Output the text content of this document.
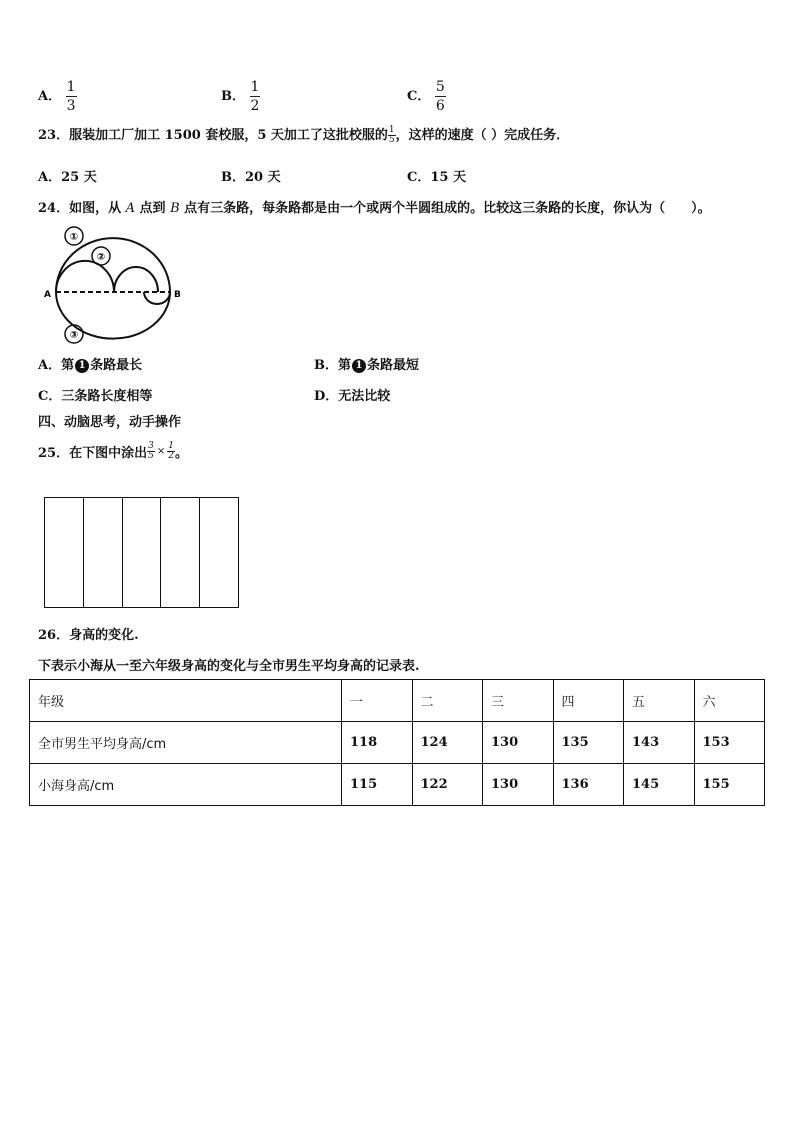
A． $\frac{1}{3}$	B． $\frac{1}{2}$	C． $\frac{5}{6}$
23．服装加工厂加工 1500 套校服，5 天加工了这批校服的 $\frac{1}{5}$ ，这样的速度（ ）完成任务．
A．25 天	B．20 天	C．15 天
24．如图，从 A 点到 B 点有三条路，每条路都是由一个或两个半圆组成的。比较这三条路的长度，你认为（　　）。
①
②
③
A	B
A．第 1 条路最长	B．第 1 条路最短
C．三条路长度相等	D．无法比较
四、动脑思考，动手操作
25．在下图中涂出 $\frac{3}{5} \times \frac{1}{2}$ 。
26．身高的变化.
下表示小海从一至六年级身高的变化与全市男生平均身高的记录表.
年级	一	二	三	四	五	六
全市男生平均身高/cm	118	124	130	135	143	153
小海身高/cm	115	122	130	136	145	155
